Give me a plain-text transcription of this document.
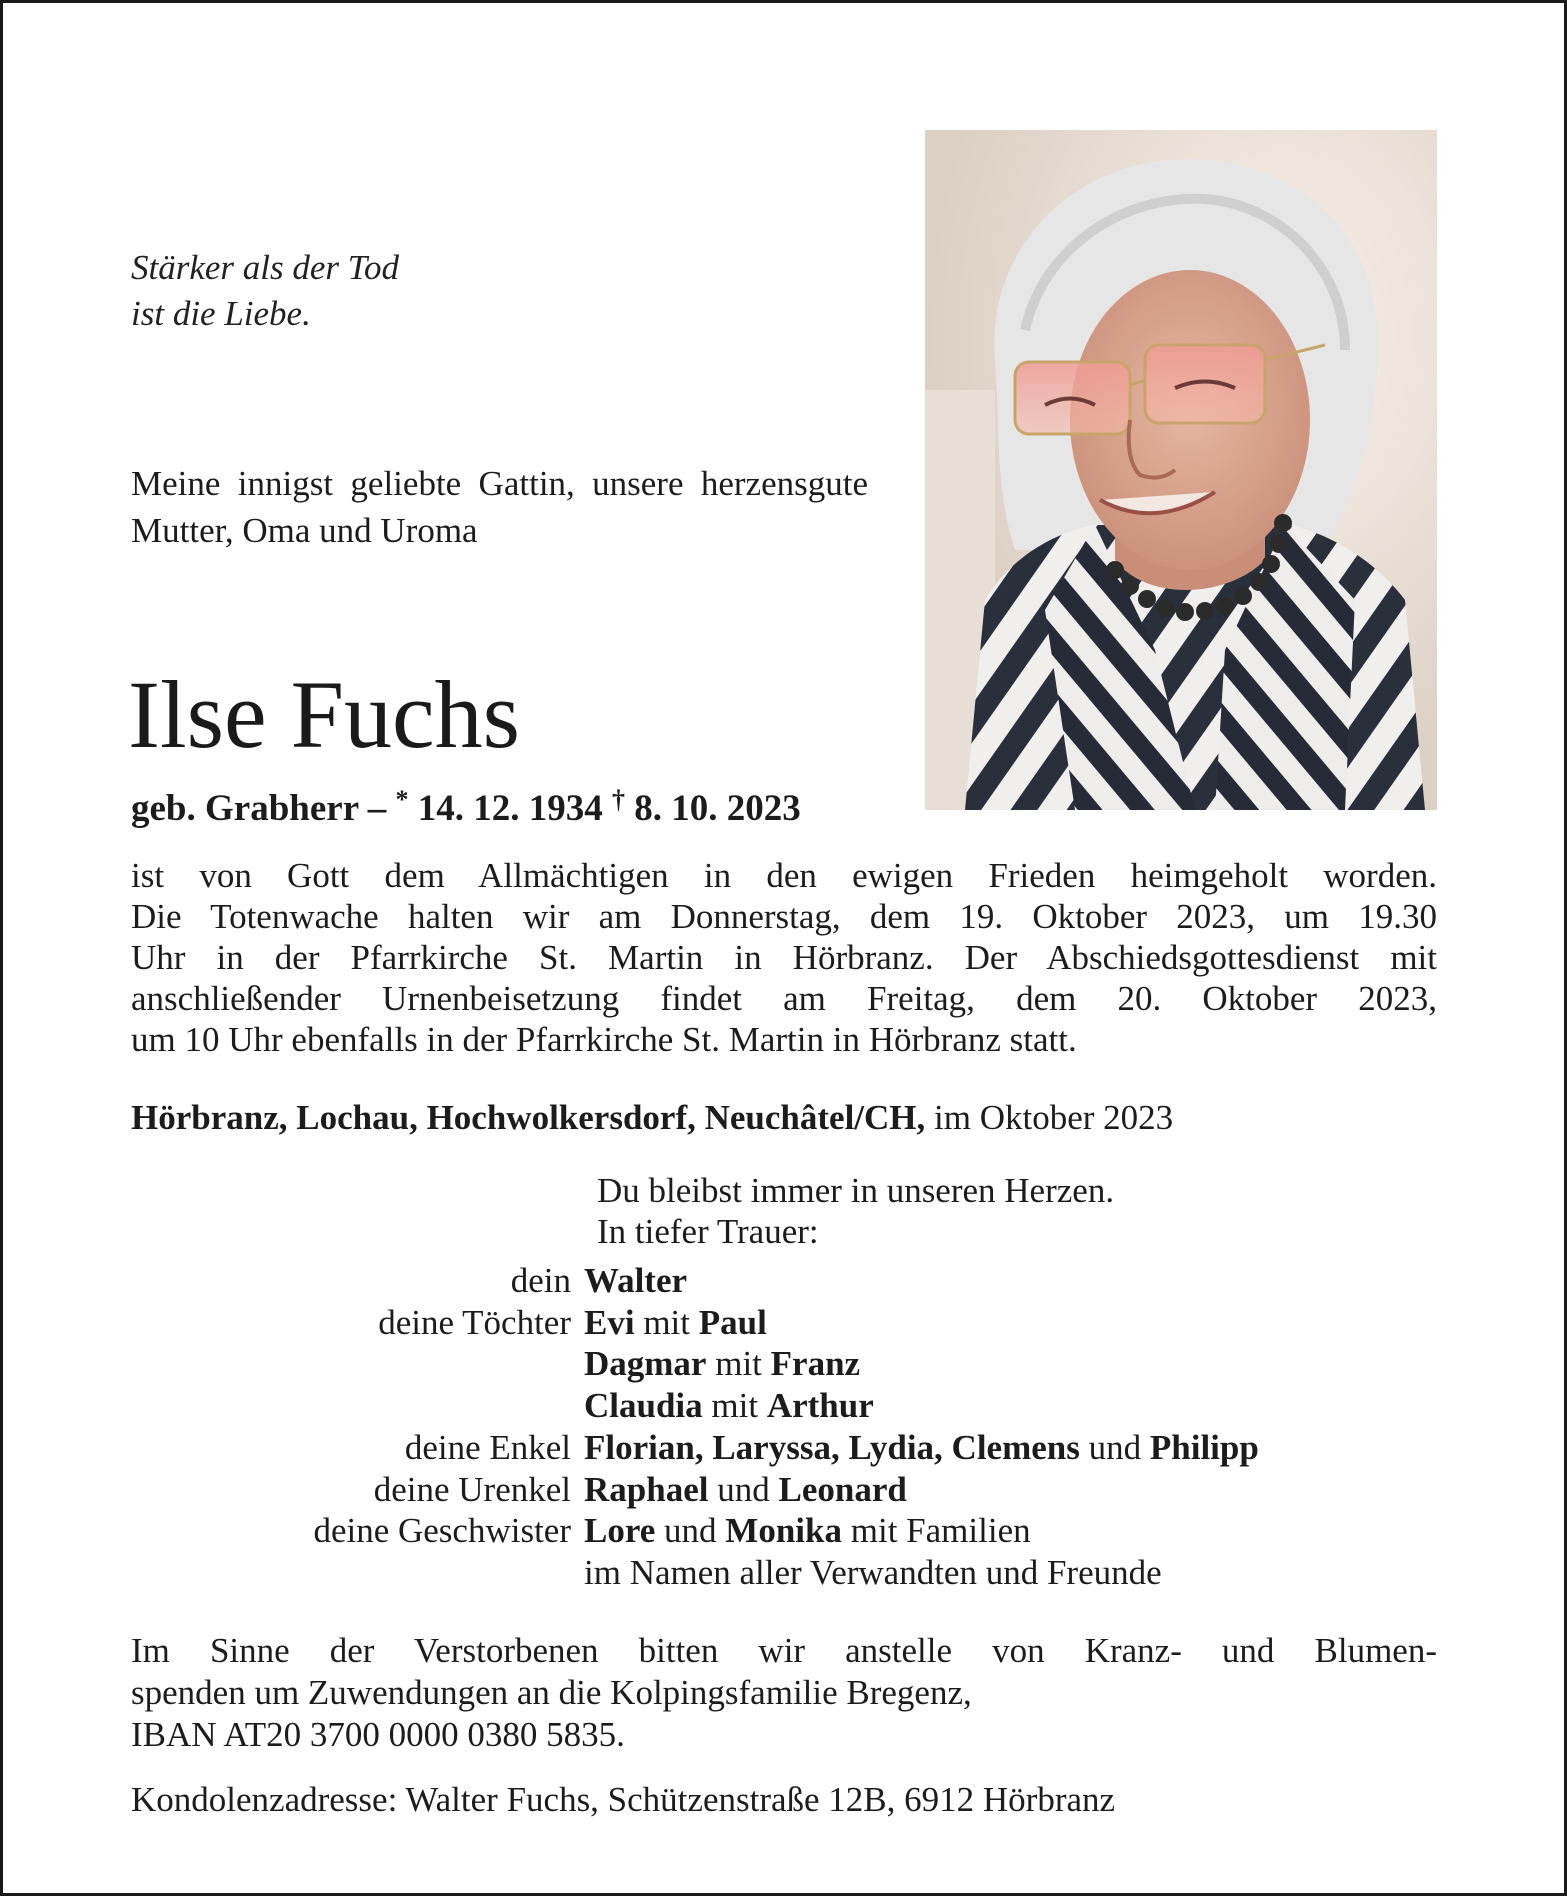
Stärker als der Tod
ist die Liebe.
Meine innigst geliebte Gattin, unsere herzensgute Mutter, Oma und Uroma
Ilse Fuchs
geb. Grabherr – * 14. 12. 1934 † 8. 10. 2023
ist von Gott dem Allmächtigen in den ewigen Frieden heimgeholt worden.
Die Totenwache halten wir am Donnerstag, dem 19. Oktober 2023, um 19.30
Uhr in der Pfarrkirche St. Martin in Hörbranz. Der Abschiedsgottesdienst mit
anschließender Urnenbeisetzung findet am Freitag, dem 20. Oktober 2023,
um 10 Uhr ebenfalls in der Pfarrkirche St. Martin in Hörbranz statt.
Hörbranz, Lochau, Hochwolkersdorf, Neuchâtel/CH, im Oktober 2023
Du bleibst immer in unseren Herzen.
In tiefer Trauer:
dein Walter
deine Töchter Evi mit Paul
Dagmar mit Franz
Claudia mit Arthur
deine Enkel Florian, Laryssa, Lydia, Clemens und Philipp
deine Urenkel Raphael und Leonard
deine Geschwister Lore und Monika mit Familien
im Namen aller Verwandten und Freunde
Im Sinne der Verstorbenen bitten wir anstelle von Kranz- und Blumen-
spenden um Zuwendungen an die Kolpingsfamilie Bregenz,
IBAN AT20 3700 0000 0380 5835.
Kondolenzadresse: Walter Fuchs, Schützenstraße 12B, 6912 Hörbranz
